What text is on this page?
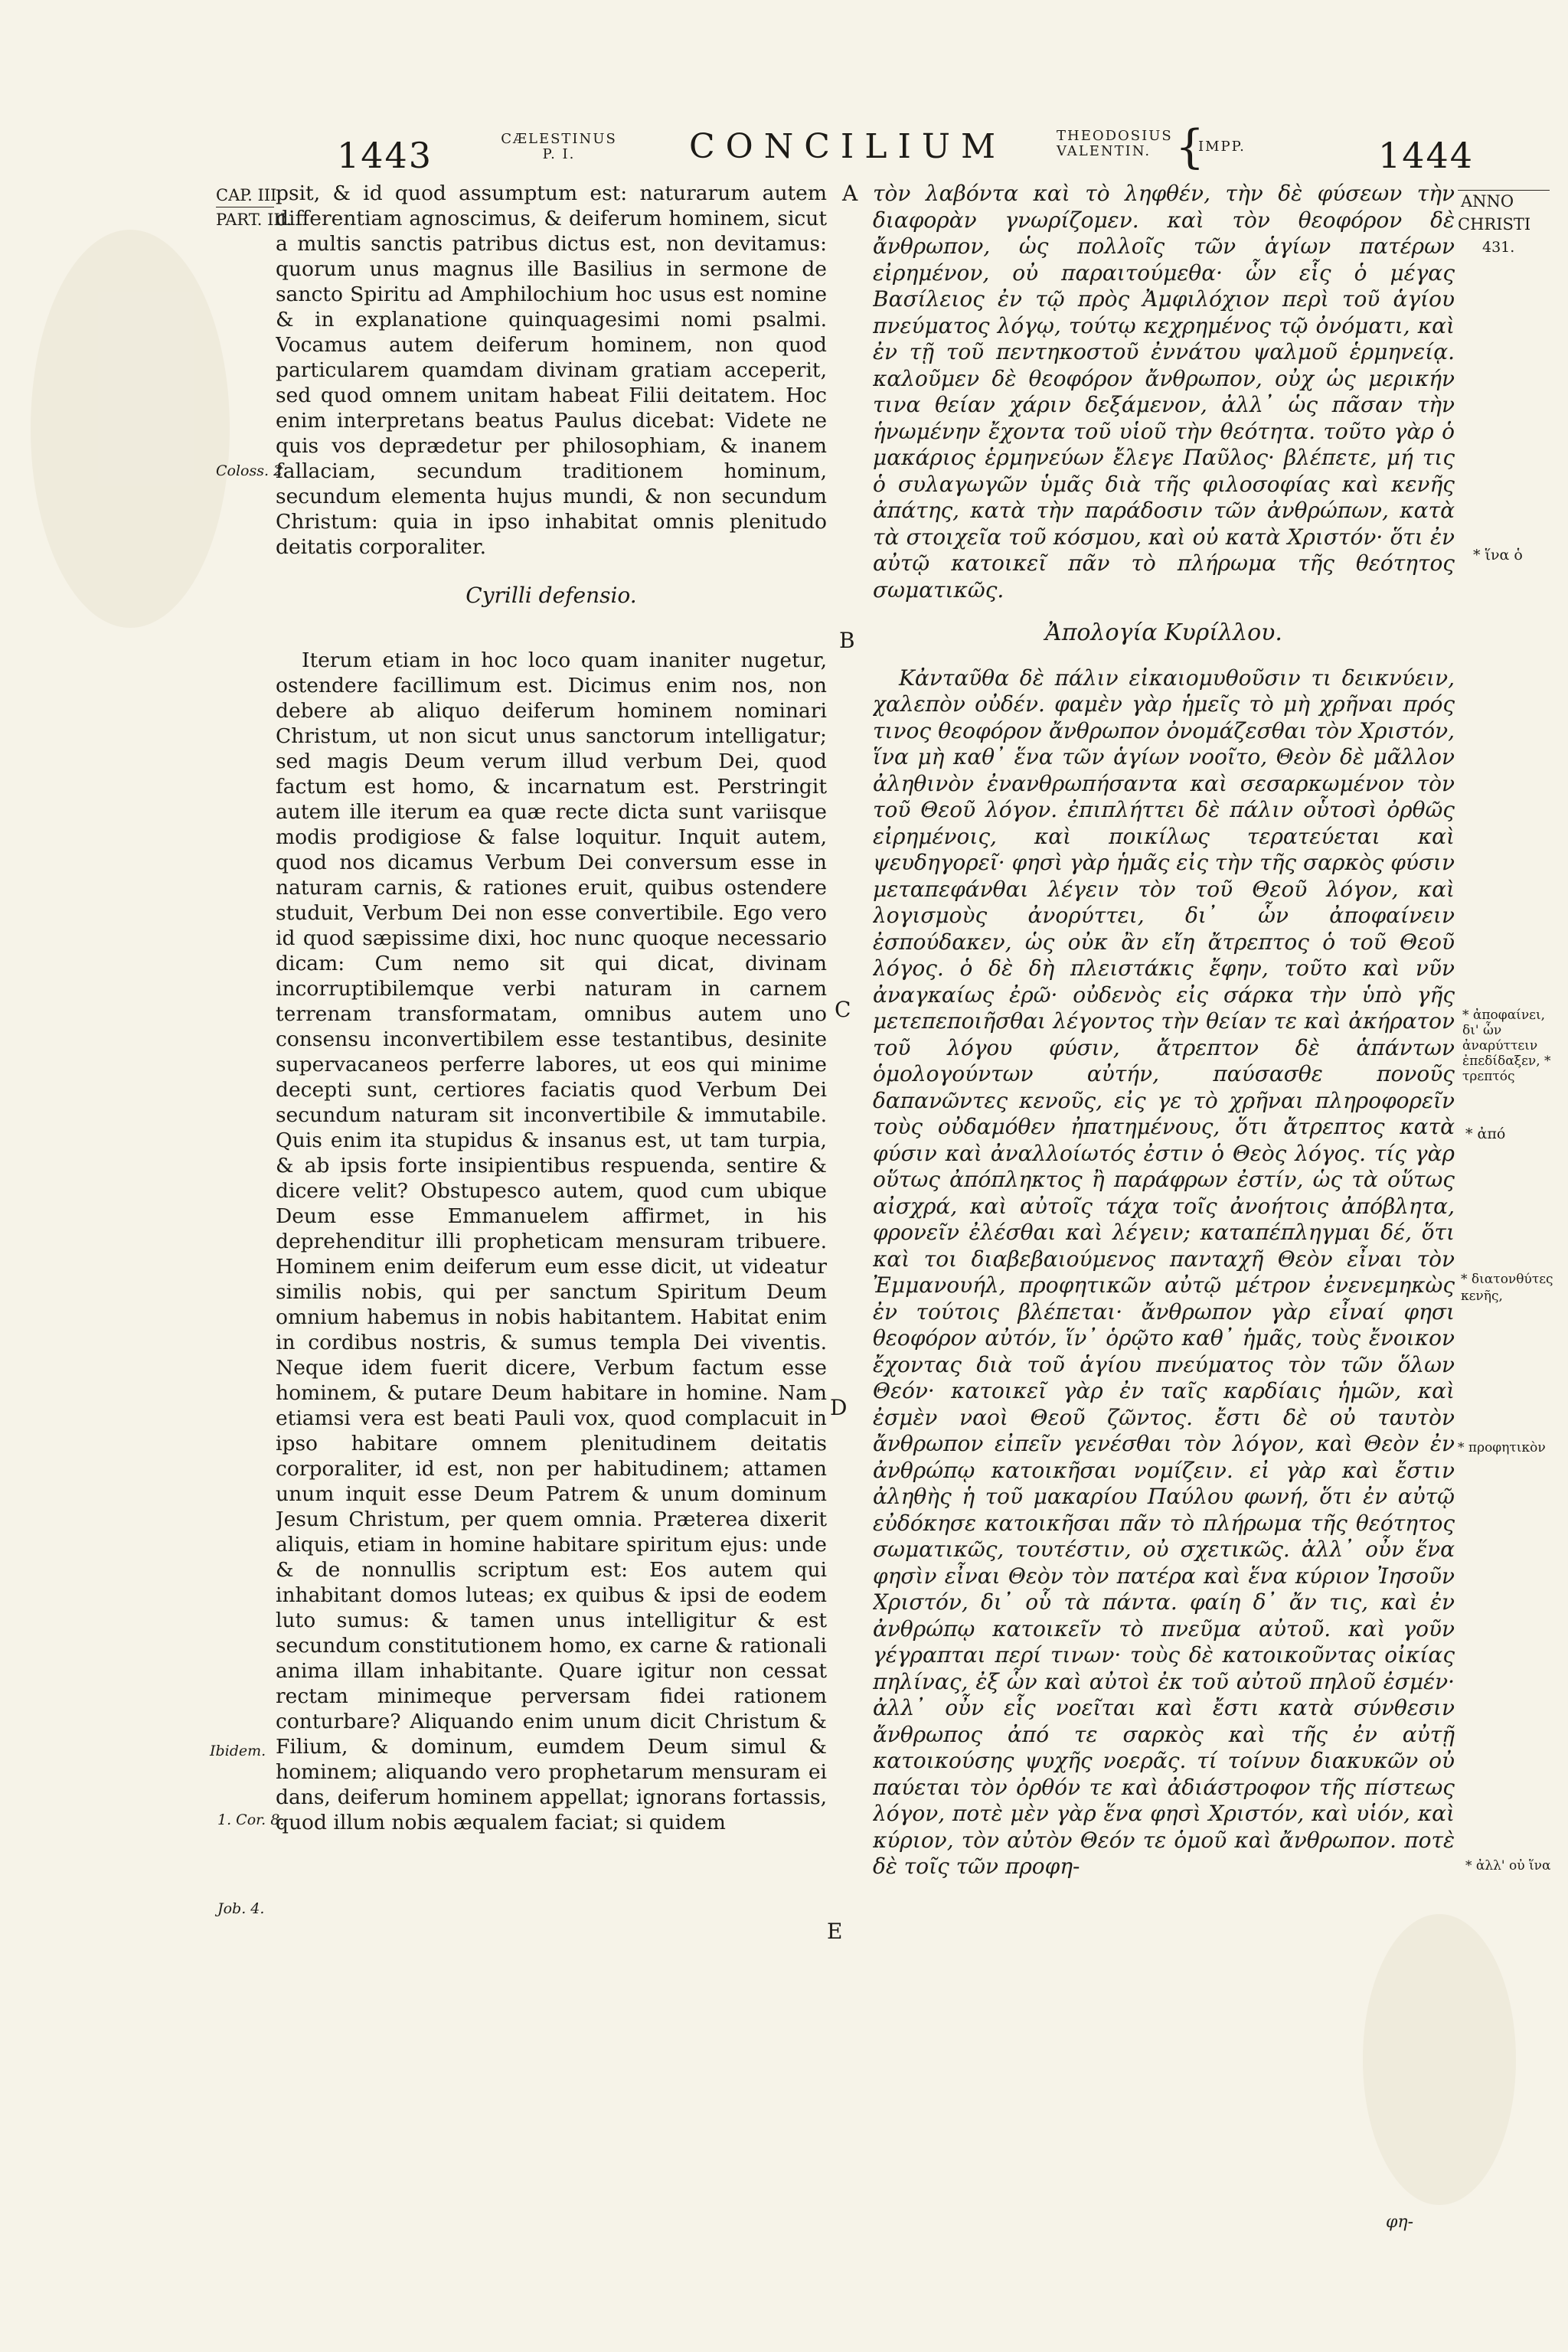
1443	CÆLESTINUS
P. I.	CONCILIUM	THEODOSIUS
VALENTIN. {
IMPP.	1444
CAP. III.
PART. III.
Coloss. 2.
Ibidem.
1. Cor. 8.
Job. 4.
ANNO
CHRISTI
431.
* ἵνα ὁ
* ἀποφαίνει, δι' ὧν ἀναρύττειν ἐπεδίδαξεν, * τρεπτός
* ἀπό
* διατονθύτες κενῆς,
* προφητικὸν
* ἀλλ' οὐ ἵνα
A
B
C
D
E

psit, & id quod assumptum est: naturarum autem differentiam agnoscimus, & deiferum hominem, sicut a multis sanctis patribus dictus est, non devitamus: quorum unus magnus ille Basilius in sermone de sancto Spiritu ad Amphilochium hoc usus est nomine & in explanatione quinquagesimi nomi psalmi. Vocamus autem deiferum hominem, non quod particularem quamdam divinam gratiam acceperit, sed quod omnem unitam habeat Filii deitatem. Hoc enim interpretans beatus Paulus dicebat: Videte ne quis vos deprædetur per philosophiam, & inanem fallaciam, secundum traditionem hominum, secundum elementa hujus mundi, & non secundum Christum: quia in ipso inhabitat omnis plenitudo deitatis corporaliter.

Cyrilli defensio.

Iterum etiam in hoc loco quam inaniter nugetur, ostendere facillimum est. Dicimus enim nos, non debere ab aliquo deiferum hominem nominari Christum, ut non sicut unus sanctorum intelligatur; sed magis Deum verum illud verbum Dei, quod factum est homo, & incarnatum est. Perstringit autem ille iterum ea quæ recte dicta sunt variisque modis prodigiose & false loquitur. Inquit autem, quod nos dicamus Verbum Dei conversum esse in naturam carnis, & rationes eruit, quibus ostendere studuit, Verbum Dei non esse convertibile. Ego vero id quod sæpissime dixi, hoc nunc quoque necessario dicam: Cum nemo sit qui dicat, divinam incorruptibilemque verbi naturam in carnem terrenam transformatam, omnibus autem uno consensu inconvertibilem esse testantibus, desinite supervacaneos perferre labores, ut eos qui minime decepti sunt, certiores faciatis quod Verbum Dei secundum naturam sit inconvertibile & immutabile. Quis enim ita stupidus & insanus est, ut tam turpia, & ab ipsis forte insipientibus respuenda, sentire & dicere velit? Obstupesco autem, quod cum ubique Deum esse Emmanuelem affirmet, in his deprehenditur illi propheticam mensuram tribuere. Hominem enim deiferum eum esse dicit, ut videatur similis nobis, qui per sanctum Spiritum Deum omnium habemus in nobis habitantem. Habitat enim in cordibus nostris, & sumus templa Dei viventis. Neque idem fuerit dicere, Verbum factum esse hominem, & putare Deum habitare in homine. Nam etiamsi vera est beati Pauli vox, quod complacuit in ipso habitare omnem plenitudinem deitatis corporaliter, id est, non per habitudinem; attamen unum inquit esse Deum Patrem & unum dominum Jesum Christum, per quem omnia. Præterea dixerit aliquis, etiam in homine habitare spiritum ejus: unde & de nonnullis scriptum est: Eos autem qui inhabitant domos luteas; ex quibus & ipsi de eodem luto sumus: & tamen unus intelligitur & est secundum constitutionem homo, ex carne & rationali anima illam inhabitante. Quare igitur non cessat rectam minimeque perversam fidei rationem conturbare? Aliquando enim unum dicit Christum & Filium, & dominum, eumdem Deum simul & hominem; aliquando vero prophetarum mensuram ei dans, deiferum hominem appellat; ignorans fortassis, quod illum nobis æqualem faciat; si quidem

τὸν λαβόντα καὶ τὸ ληφθέν, τὴν δὲ φύσεων τὴν διαφορὰν γνωρίζομεν. καὶ τὸν θεοφόρον δὲ ἄνθρωπον, ὡς πολλοῖς τῶν ἁγίων πατέρων εἰρημένον, οὐ παραιτούμεθα· ὧν εἷς ὁ μέγας Βασίλειος ἐν τῷ πρὸς Ἀμφιλόχιον περὶ τοῦ ἁγίου πνεύματος λόγῳ, τούτῳ κεχρημένος τῷ ὀνόματι, καὶ ἐν τῇ τοῦ πεντηκοστοῦ ἐννάτου ψαλμοῦ ἑρμηνείᾳ. καλοῦμεν δὲ θεοφόρον ἄνθρωπον, οὐχ ὡς μερικήν τινα θείαν χάριν δεξάμενον, ἀλλ᾽ ὡς πᾶσαν τὴν ἡνωμένην ἔχοντα τοῦ υἱοῦ τὴν θεότητα. τοῦτο γὰρ ὁ μακάριος ἑρμηνεύων ἔλεγε Παῦλος· βλέπετε, μή τις ὁ συλαγωγῶν ὑμᾶς διὰ τῆς φιλοσοφίας καὶ κενῆς ἀπάτης, κατὰ τὴν παράδοσιν τῶν ἀνθρώπων, κατὰ τὰ στοιχεῖα τοῦ κόσμου, καὶ οὐ κατὰ Χριστόν· ὅτι ἐν αὐτῷ κατοικεῖ πᾶν τὸ πλήρωμα τῆς θεότητος σωματικῶς.

Ἀπολογία Κυρίλλου.

Κἀνταῦθα δὲ πάλιν εἰκαιομυθοῦσιν τι δεικνύειν, χαλεπὸν οὐδέν. φαμὲν γὰρ ἡμεῖς τὸ μὴ χρῆναι πρός τινος θεοφόρον ἄνθρωπον ὀνομάζεσθαι τὸν Χριστόν, ἵνα μὴ καθ᾽ ἕνα τῶν ἁγίων νοοῖτο, Θεὸν δὲ μᾶλλον ἀληθινὸν ἐνανθρωπήσαντα καὶ σεσαρκωμένον τὸν τοῦ Θεοῦ λόγον. ἐπιπλήττει δὲ πάλιν οὗτοσὶ ὀρθῶς εἰρημένοις, καὶ ποικίλως τερατεύεται καὶ ψευδηγορεῖ· φησὶ γὰρ ἡμᾶς εἰς τὴν τῆς σαρκὸς φύσιν μεταπεφάνθαι λέγειν τὸν τοῦ Θεοῦ λόγον, καὶ λογισμοὺς ἀνορύττει, δι᾽ ὧν ἀποφαίνειν ἐσπούδακεν, ὡς οὐκ ἂν εἴη ἄτρεπτος ὁ τοῦ Θεοῦ λόγος. ὁ δὲ δὴ πλειστάκις ἔφην, τοῦτο καὶ νῦν ἀναγκαίως ἐρῶ· οὐδενὸς εἰς σάρκα τὴν ὑπὸ γῆς μετεπεποιῆσθαι λέγοντος τὴν θείαν τε καὶ ἀκήρατον τοῦ λόγου φύσιν, ἄτρεπτον δὲ ἁπάντων ὁμολογούντων αὐτήν, παύσασθε πονοῦς δαπανῶντες κενοῦς, εἰς γε τὸ χρῆναι πληροφορεῖν τοὺς οὐδαμόθεν ἠπατημένους, ὅτι ἄτρεπτος κατὰ φύσιν καὶ ἀναλλοίωτός ἐστιν ὁ Θεὸς λόγος. τίς γὰρ οὕτως ἀπόπληκτος ἢ παράφρων ἐστίν, ὡς τὰ οὕτως αἰσχρά, καὶ αὐτοῖς τάχα τοῖς ἀνοήτοις ἀπόβλητα, φρονεῖν ἐλέσθαι καὶ λέγειν; καταπέπληγμαι δέ, ὅτι καὶ τοι διαβεβαιούμενος πανταχῆ Θεὸν εἶναι τὸν Ἐμμανουήλ, προφητικῶν αὐτῷ μέτρον ἐνενεμηκὼς ἐν τούτοις βλέπεται· ἄνθρωπον γὰρ εἶναί φησι θεοφόρον αὐτόν, ἵν᾽ ὁρῷτο καθ᾽ ἡμᾶς, τοὺς ἔνοικον ἔχοντας διὰ τοῦ ἁγίου πνεύματος τὸν τῶν ὅλων Θεόν· κατοικεῖ γὰρ ἐν ταῖς καρδίαις ἡμῶν, καὶ ἐσμὲν ναοὶ Θεοῦ ζῶντος. ἔστι δὲ οὐ ταυτὸν ἄνθρωπον εἰπεῖν γενέσθαι τὸν λόγον, καὶ Θεὸν ἐν ἀνθρώπῳ κατοικῆσαι νομίζειν. εἰ γὰρ καὶ ἔστιν ἀληθὴς ἡ τοῦ μακαρίου Παύλου φωνή, ὅτι ἐν αὐτῷ εὐδόκησε κατοικῆσαι πᾶν τὸ πλήρωμα τῆς θεότητος σωματικῶς, τουτέστιν, οὐ σχετικῶς. ἀλλ᾽ οὖν ἕνα φησὶν εἶναι Θεὸν τὸν πατέρα καὶ ἕνα κύριον Ἰησοῦν Χριστόν, δι᾽ οὗ τὰ πάντα. φαίη δ᾽ ἄν τις, καὶ ἐν ἀνθρώπῳ κατοικεῖν τὸ πνεῦμα αὐτοῦ. καὶ γοῦν γέγραπται περί τινων· τοὺς δὲ κατοικοῦντας οἰκίας πηλίνας, ἐξ ὧν καὶ αὐτοὶ ἐκ τοῦ αὐτοῦ πηλοῦ ἐσμέν· ἀλλ᾽ οὖν εἷς νοεῖται καὶ ἔστι κατὰ σύνθεσιν ἄνθρωπος ἀπό τε σαρκὸς καὶ τῆς ἐν αὐτῇ κατοικούσης ψυχῆς νοερᾶς. τί τοίνυν διακυκῶν οὐ παύεται τὸν ὀρθόν τε καὶ ἀδιάστροφον τῆς πίστεως λόγον, ποτὲ μὲν γὰρ ἕνα φησὶ Χριστόν, καὶ υἱόν, καὶ κύριον, τὸν αὐτὸν Θεόν τε ὁμοῦ καὶ ἄνθρωπον. ποτὲ δὲ τοῖς τῶν προφη-

φη-
